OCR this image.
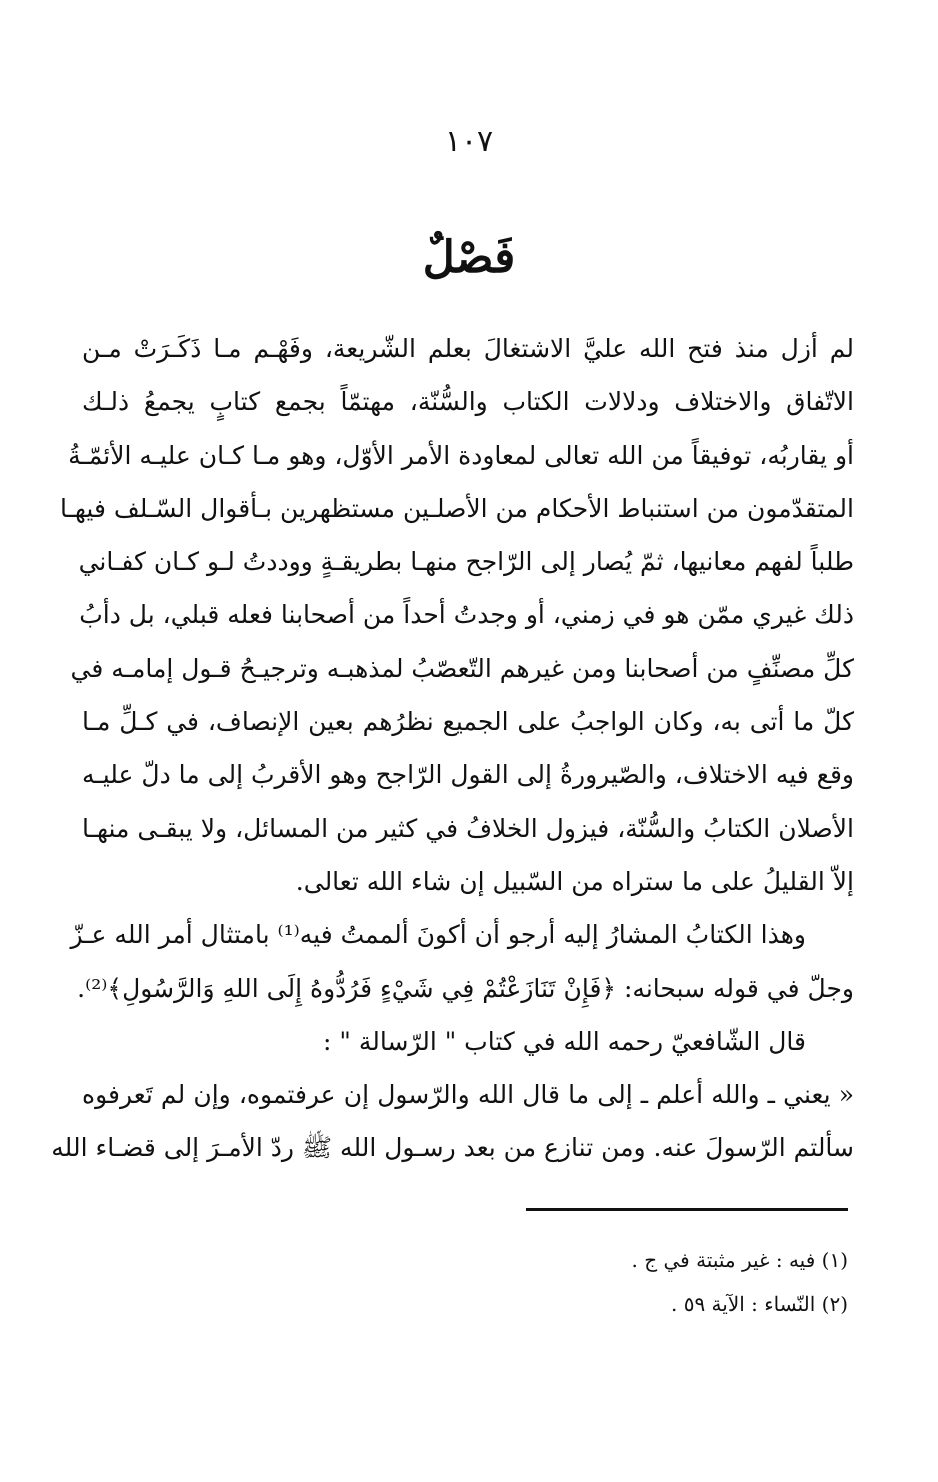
١٠٧
فَصْلٌ
لم أزل منذ فتح الله عليَّ الاشتغالَ بعلم الشّريعة، وفَهْـم مـا ذَكَـرَتْ مـن
الاتّفاق والاختلاف ودلالات الكتاب والسُّنّة، مهتمّاً بجمع كتابٍ يجمعُ ذلـك
أو يقاربُه، توفيقاً من الله تعالى لمعاودة الأمر الأوّل، وهو مـا كـان عليـه الأئمّـةُ
المتقدّمون من استنباط الأحكام من الأصلـين مستظهرين بـأقوال السّـلف فيهـا
طلباً لفهم معانيها، ثمّ يُصار إلى الرّاجح منهـا بطريقـةٍ ووددتُ لـو كـان كفـاني
ذلك غيري ممّن هو في زمني، أو وجدتُ أحداً من أصحابنا فعله قبلي، بل دأبُ
كلِّ مصنِّفٍ من أصحابنا ومن غيرهم التّعصّبُ لمذهبـه وترجيـحُ قـول إمامـه في
كلّ ما أتى به، وكان الواجبُ على الجميع نظرُهم بعين الإنصاف، في كـلِّ مـا
وقع فيه الاختلاف، والصّيرورةُ إلى القول الرّاجح وهو الأقربُ إلى ما دلّ عليـه
الأصلان الكتابُ والسُّنّة، فيزول الخلافُ في كثير من المسائل، ولا يبقـى منهـا
إلاّ القليلُ على ما ستراه من السّبيل إن شاء الله تعالى.
وهذا الكتابُ المشارُ إليه أرجو أن أكونَ ألممتُ فيه⁽¹⁾ بامتثال أمر الله عـزّ
وجلّ في قوله سبحانه: ﴿فَإِنْ تَنَازَعْتُمْ فِي شَيْءٍ فَرُدُّوهُ إِلَى اللهِ وَالرَّسُولِ﴾⁽²⁾.
قال الشّافعيّ رحمه الله في كتاب " الرّسالة " :
« يعني ـ والله أعلم ـ إلى ما قال الله والرّسول إن عرفتموه، وإن لم تَعرفوه
سألتم الرّسولَ عنه. ومن تنازع من بعد رسـول الله ﷺ ردّ الأمـرَ إلى قضـاء الله
(١) فيه : غير مثبتة في ج .
(٢) النّساء : الآية ٥٩ .
